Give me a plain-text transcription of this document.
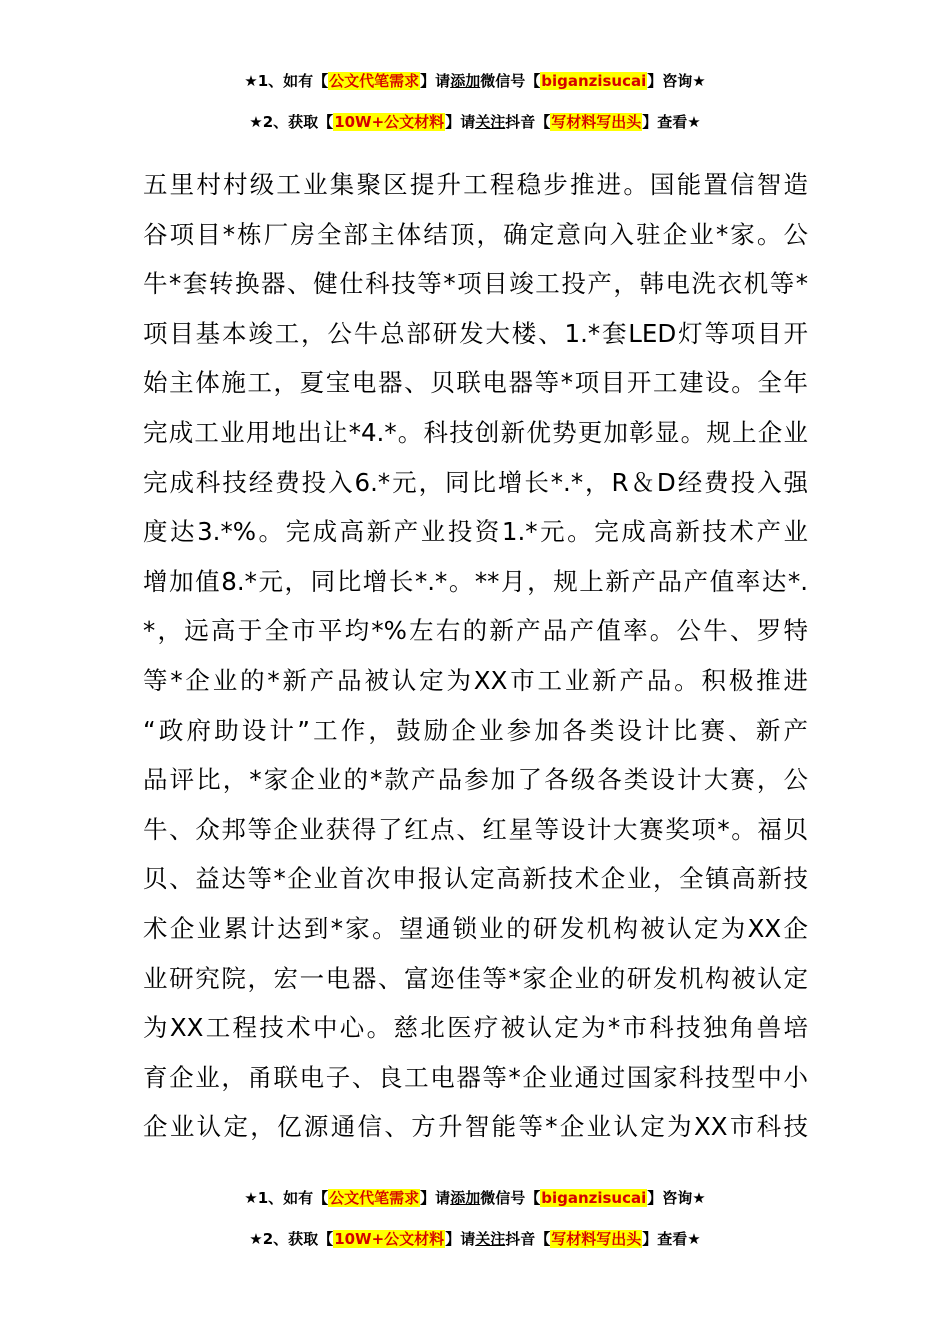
★1、如有【公文代笔需求】请添加微信号【biganzisucai】咨询★
★2、获取【10W+公文材料】请关注抖音【写材料写出头】查看★
五里村村级工业集聚区提升工程稳步推进。国能置信智造
谷项目*栋厂房全部主体结顶，确定意向入驻企业*家。公
牛*套转换器、健仕科技等*项目竣工投产，韩电洗衣机等*
项目基本竣工，公牛总部研发大楼、1.*套LED灯等项目开
始主体施工，夏宝电器、贝联电器等*项目开工建设。全年
完成工业用地出让*4.*。科技创新优势更加彰显。规上企业
完成科技经费投入6.*元，同比增长*.*，R＆D经费投入强
度达3.*%。完成高新产业投资1.*元。完成高新技术产业
增加值8.*元，同比增长*.*。**月，规上新产品产值率达*.
*，远高于全市平均*%左右的新产品产值率。公牛、罗特
等*企业的*新产品被认定为XX市工业新产品。积极推进
“政府助设计”工作，鼓励企业参加各类设计比赛、新产
品评比，*家企业的*款产品参加了各级各类设计大赛，公
牛、众邦等企业获得了红点、红星等设计大赛奖项*。福贝
贝、益达等*企业首次申报认定高新技术企业，全镇高新技
术企业累计达到*家。望通锁业的研发机构被认定为XX企
业研究院，宏一电器、富迩佳等*家企业的研发机构被认定
为XX工程技术中心。慈北医疗被认定为*市科技独角兽培
育企业，甬联电子、良工电器等*企业通过国家科技型中小
企业认定，亿源通信、方升智能等*企业认定为XX市科技
★1、如有【公文代笔需求】请添加微信号【biganzisucai】咨询★
★2、获取【10W+公文材料】请关注抖音【写材料写出头】查看★
